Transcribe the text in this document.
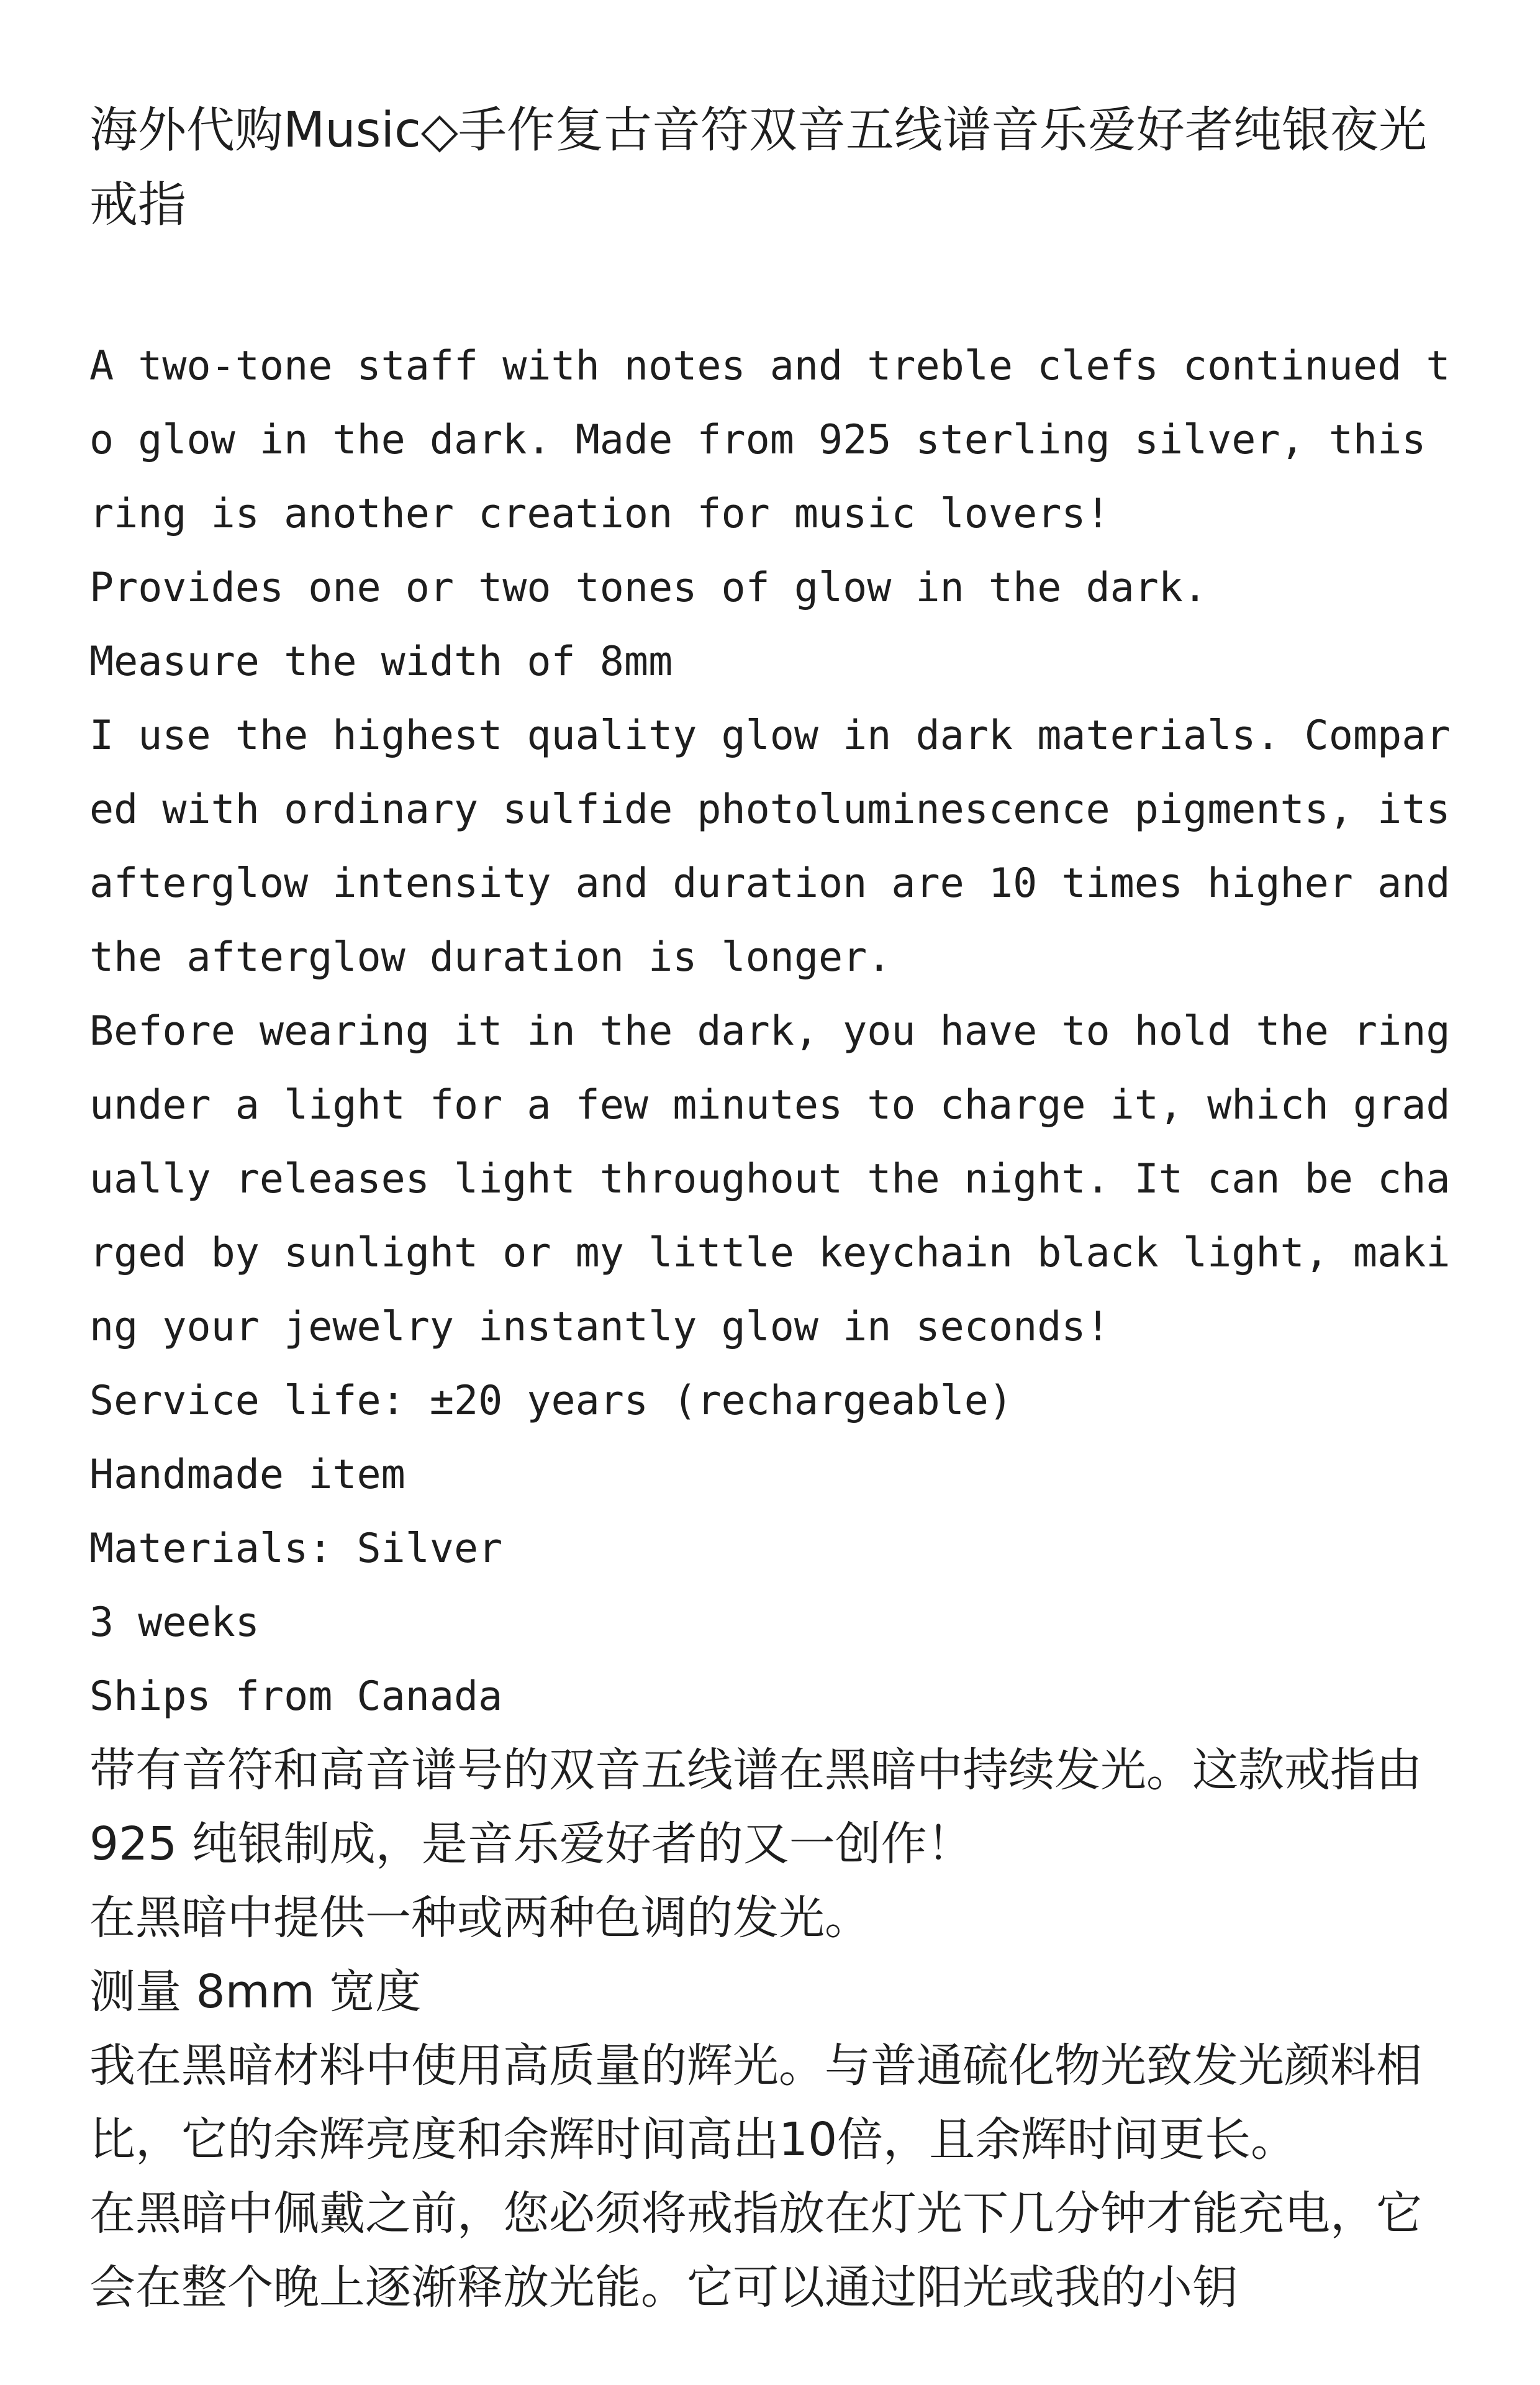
海外代购Music◇手作复古音符双音五线谱音乐爱好者纯银夜光戒指

A two-tone staff with notes and treble clefs continued to glow in the dark. Made from 925 sterling silver, this ring is another creation for music lovers!

Provides one or two tones of glow in the dark.

Measure the width of 8mm

I use the highest quality glow in dark materials. Compared with ordinary sulfide photoluminescence pigments, its afterglow intensity and duration are 10 times higher and the afterglow duration is longer.

Before wearing it in the dark, you have to hold the ring under a light for a few minutes to charge it, which gradually releases light throughout the night. It can be charged by sunlight or my little keychain black light, making your jewelry instantly glow in seconds!

Service life: ±20 years (rechargeable)

Handmade item

Materials: Silver

3 weeks

Ships from Canada

带有音符和高音谱号的双音五线谱在黑暗中持续发光。这款戒指由 925 纯银制成，是音乐爱好者的又一创作！

在黑暗中提供一种或两种色调的发光。

测量 8mm 宽度

我在黑暗材料中使用高质量的辉光。与普通硫化物光致发光颜料相比，它的余辉亮度和余辉时间高出10倍，且余辉时间更长。

在黑暗中佩戴之前，您必须将戒指放在灯光下几分钟才能充电，它会在整个晚上逐渐释放光能。它可以通过阳光或我的小钥
